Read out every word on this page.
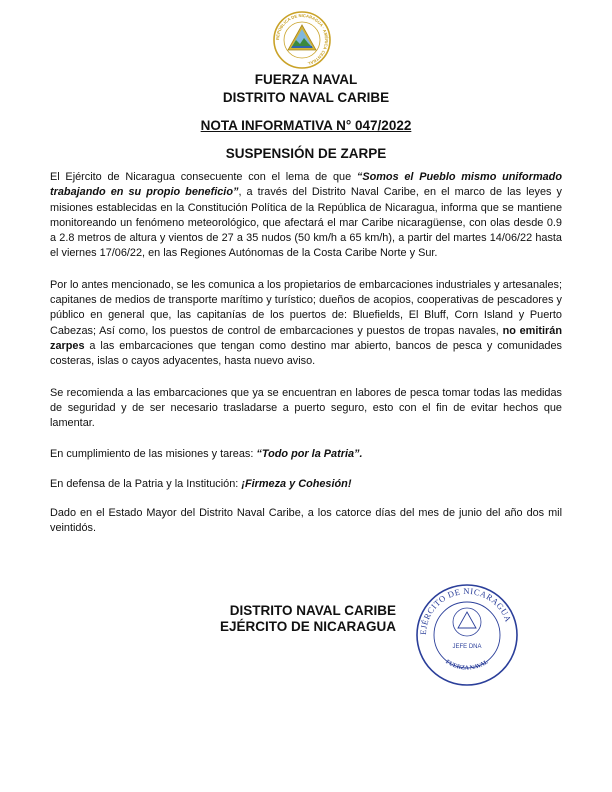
REPÚBLICA DE NICARAGUA · AMÉRICA CENTRAL
FUERZA NAVAL
DISTRITO NAVAL CARIBE
NOTA INFORMATIVA N° 047/2022
SUSPENSIÓN DE ZARPE

El Ejército de Nicaragua consecuente con el lema de que “Somos el Pueblo mismo uniformado trabajando en su propio beneficio”, a través del Distrito Naval Caribe, en el marco de las leyes y misiones establecidas en la Constitución Política de la República de Nicaragua, informa que se mantiene monitoreando un fenómeno meteorológico, que afectará el mar Caribe nicaragüense, con olas desde 0.9 a 2.8 metros de altura y vientos de 27 a 35 nudos (50 km/h a 65 km/h), a partir del martes 14/06/22 hasta el viernes 17/06/22, en las Regiones Autónomas de la Costa Caribe Norte y Sur.

Por lo antes mencionado, se les comunica a los propietarios de embarcaciones industriales y artesanales; capitanes de medios de transporte marítimo y turístico; dueños de acopios, cooperativas de pescadores y público en general que, las capitanías de los puertos de: Bluefields, El Bluff, Corn Island y Puerto Cabezas; Así como, los puestos de control de embarcaciones y puestos de tropas navales, no emitirán zarpes a las embarcaciones que tengan como destino mar abierto, bancos de pesca y comunidades costeras, islas o cayos adyacentes, hasta nuevo aviso.

Se recomienda a las embarcaciones que ya se encuentran en labores de pesca tomar todas las medidas de seguridad y de ser necesario trasladarse a puerto seguro, esto con el fin de evitar hechos que lamentar.

En cumplimiento de las misiones y tareas: “Todo por la Patria”.

En defensa de la Patria y la Institución: ¡Firmeza y Cohesión!

Dado en el Estado Mayor del Distrito Naval Caribe, a los catorce días del mes de junio del año dos mil veintidós.

DISTRITO NAVAL CARIBE
EJÉRCITO DE NICARAGUA	EJÉRCITO DE NICARAGUA
JEFE DNA
FUERZA NAVAL
